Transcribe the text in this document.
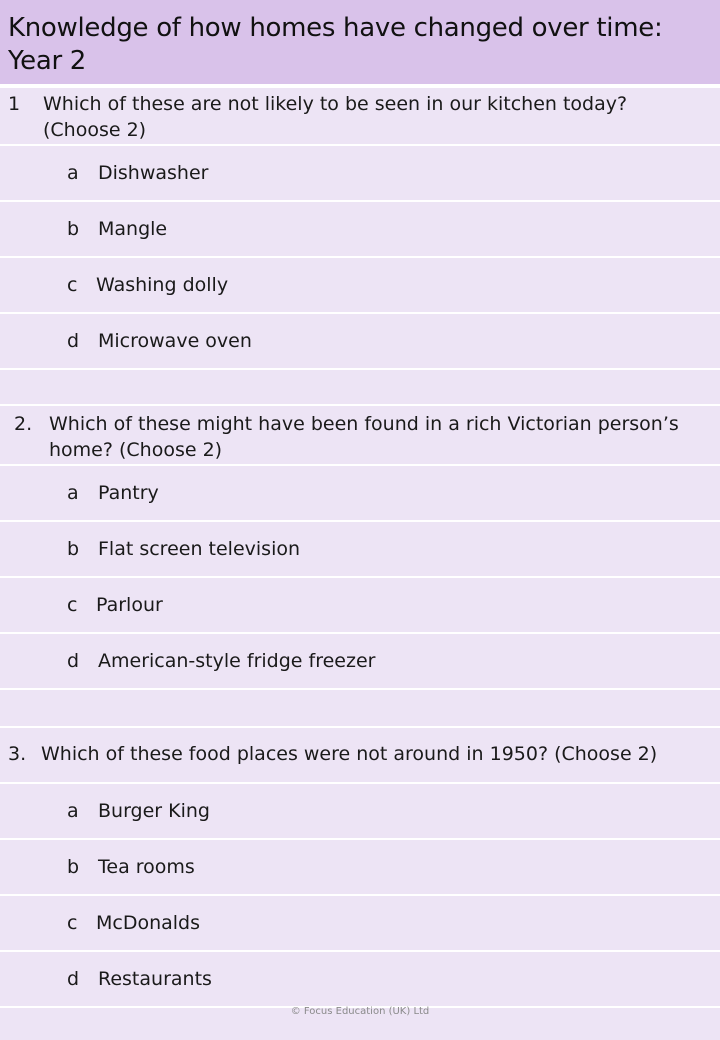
Knowledge of how homes have changed over time:
Year 2
1 Which of these are not likely to be seen in our kitchen today?
(Choose 2)
a Dishwasher
b Mangle
c Washing dolly
d Microwave oven
2. Which of these might have been found in a rich Victorian person’s
home? (Choose 2)
a Pantry
b Flat screen television
c Parlour
d American-style fridge freezer
3. Which of these food places were not around in 1950? (Choose 2)
a Burger King
b Tea rooms
c McDonalds
d Restaurants
© Focus Education (UK) Ltd
